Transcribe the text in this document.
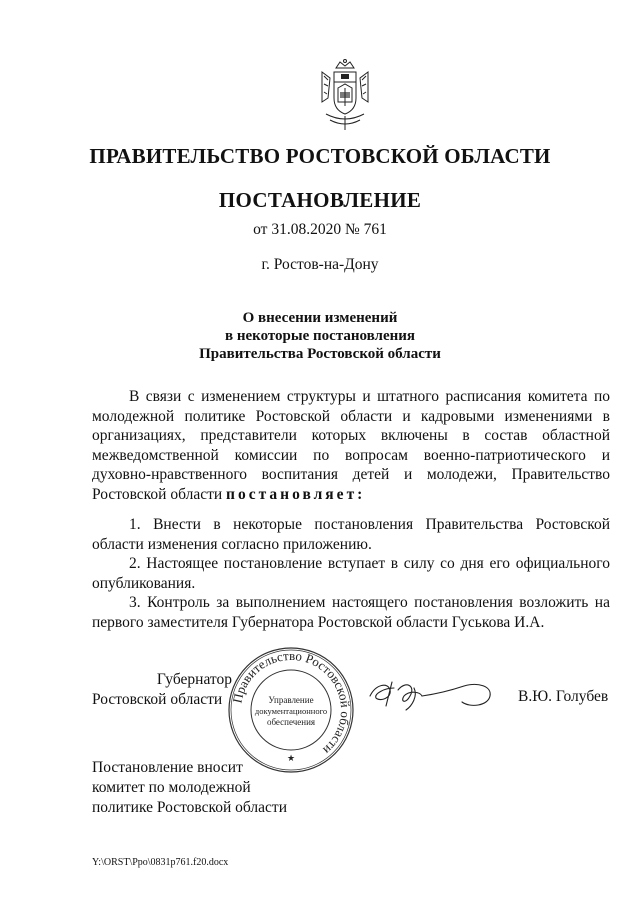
ПРАВИТЕЛЬСТВО РОСТОВСКОЙ ОБЛАСТИ
ПОСТАНОВЛЕНИЕ
от 31.08.2020 № 761
г. Ростов-на-Дону
О внесении изменений
в некоторые постановления
Правительства Ростовской области
В связи с изменением структуры и штатного расписания комитета по молодежной политике Ростовской области и кадровыми изменениями в организациях, представители которых включены в состав областной межведомственной комиссии по вопросам военно-патриотического и духовно-нравственного воспитания детей и молодежи, Правительство Ростовской области постановляет:

1. Внести в некоторые постановления Правительства Ростовской области изменения согласно приложению.

2. Настоящее постановление вступает в силу со дня его официального опубликования.

3. Контроль за выполнением настоящего постановления возложить на первого заместителя Губернатора Ростовской области Гуськова И.А.

Губернатор
Ростовской области Правительство Ростовской области
Управление
документационного
обеспечения
★
В.Ю. Голубев
Постановление вносит
комитет по молодежной
политике Ростовской области
Y:\ORST\Ppo\0831p761.f20.docx
